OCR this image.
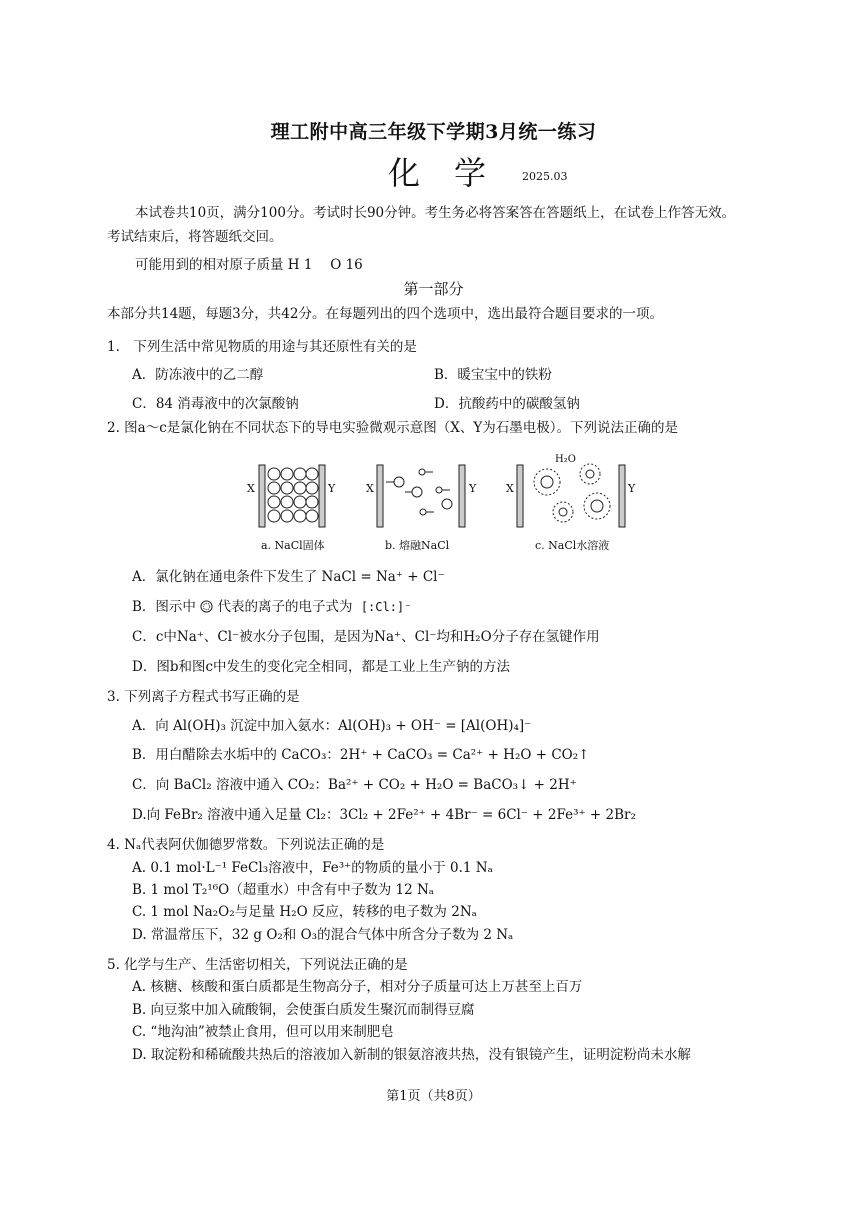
理工附中高三年级下学期3月统一练习
化学 2025.03
本试卷共10页，满分100分。考试时长90分钟。考生务必将答案答在答题纸上，在试卷上作答无效。
考试结束后，将答题纸交回。
可能用到的相对原子质量 H 1　 O 16
第一部分
本部分共14题，每题3分，共42分。在每题列出的四个选项中，选出最符合题目要求的一项。
1.　下列生活中常见物质的用途与其还原性有关的是
A．防冻液中的乙二醇	B．暖宝宝中的铁粉
C．84 消毒液中的次氯酸钠	D．抗酸药中的碳酸氢钠
2. 图a～c是氯化钠在不同状态下的导电实验微观示意图（X、Y为石墨电极）。下列说法正确的是
X	Y	X	Y	X	Y
H₂O
a. NaCl固体	b. 熔融NaCl	c. NaCl水溶液
A．氯化钠在通电条件下发生了 NaCl = Na⁺ + Cl⁻
B．图示中 代表的离子的电子式为 [:Cl:]⁻
C．c中Na⁺、Cl⁻被水分子包围，是因为Na⁺、Cl⁻均和H₂O分子存在氢键作用
D．图b和图c中发生的变化完全相同，都是工业上生产钠的方法
3. 下列离子方程式书写正确的是
A．向 Al(OH)₃ 沉淀中加入氨水：Al(OH)₃ + OH⁻ = [Al(OH)₄]⁻
B．用白醋除去水垢中的 CaCO₃：2H⁺ + CaCO₃ = Ca²⁺ + H₂O + CO₂↑
C．向 BaCl₂ 溶液中通入 CO₂：Ba²⁺ + CO₂ + H₂O = BaCO₃↓ + 2H⁺
D.向 FeBr₂ 溶液中通入足量 Cl₂：3Cl₂ + 2Fe²⁺ + 4Br⁻ = 6Cl⁻ + 2Fe³⁺ + 2Br₂
4. Nₐ代表阿伏伽德罗常数。下列说法正确的是
A. 0.1 mol·L⁻¹ FeCl₃溶液中，Fe³⁺的物质的量小于 0.1 Nₐ
B. 1 mol T₂¹⁶O（超重水）中含有中子数为 12 Nₐ
C. 1 mol Na₂O₂与足量 H₂O 反应，转移的电子数为 2Nₐ
D. 常温常压下，32 g O₂和 O₃的混合气体中所含分子数为 2 Nₐ
5. 化学与生产、生活密切相关，下列说法正确的是
A. 核糖、核酸和蛋白质都是生物高分子，相对分子质量可达上万甚至上百万
B. 向豆浆中加入硫酸铜，会使蛋白质发生聚沉而制得豆腐
C. “地沟油”被禁止食用，但可以用来制肥皂
D. 取淀粉和稀硫酸共热后的溶液加入新制的银氨溶液共热，没有银镜产生，证明淀粉尚未水解
第1页（共8页）
